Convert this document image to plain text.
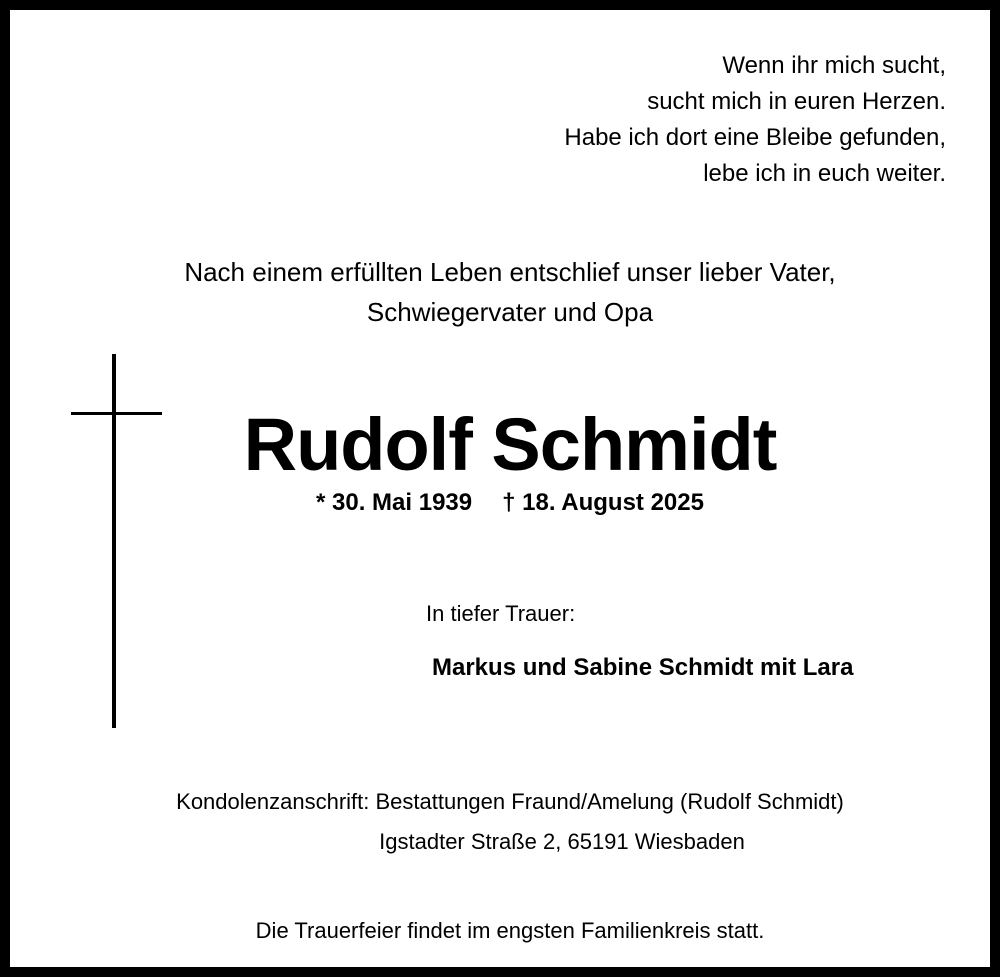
Wenn ihr mich sucht,
sucht mich in euren Herzen.
Habe ich dort eine Bleibe gefunden,
lebe ich in euch weiter.
Nach einem erfüllten Leben entschlief unser lieber Vater,
Schwiegervater und Opa
Rudolf Schmidt
* 30. Mai 1939 † 18. August 2025
In tiefer Trauer:
Markus und Sabine Schmidt mit Lara
Kondolenzanschrift: Bestattungen Fraund/Amelung (Rudolf Schmidt)
Igstadter Straße 2, 65191 Wiesbaden
Die Trauerfeier findet im engsten Familienkreis statt.
